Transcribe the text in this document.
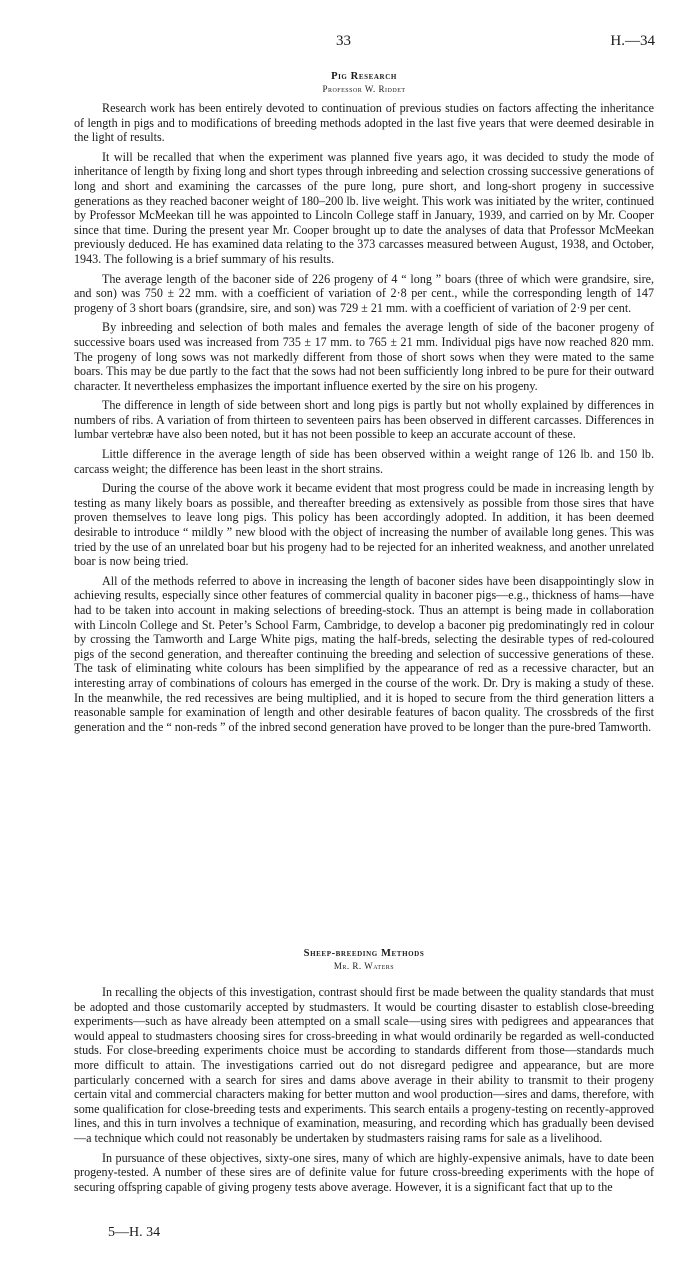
33	H.—34
Pig Research
Professor W. Riddet

Research work has been entirely devoted to continuation of previous studies on factors affecting the inheritance of length in pigs and to modifications of breeding methods adopted in the last five years that were deemed desirable in the light of results.

It will be recalled that when the experiment was planned five years ago, it was decided to study the mode of inheritance of length by fixing long and short types through inbreeding and selection crossing successive generations of long and short and examining the carcasses of the pure long, pure short, and long-short progeny in successive generations as they reached baconer weight of 180–200 lb. live weight. This work was initiated by the writer, continued by Professor McMeekan till he was appointed to Lincoln College staff in January, 1939, and carried on by Mr. Cooper since that time. During the present year Mr. Cooper brought up to date the analyses of data that Professor McMeekan previously deduced. He has examined data relating to the 373 carcasses measured between August, 1938, and October, 1943. The following is a brief summary of his results.

The average length of the baconer side of 226 progeny of 4 “ long ” boars (three of which were grandsire, sire, and son) was 750 ± 22 mm. with a coefficient of variation of 2·8 per cent., while the corresponding length of 147 progeny of 3 short boars (grandsire, sire, and son) was 729 ± 21 mm. with a coefficient of variation of 2·9 per cent.

By inbreeding and selection of both males and females the average length of side of the baconer progeny of successive boars used was increased from 735 ± 17 mm. to 765 ± 21 mm. Individual pigs have now reached 820 mm. The progeny of long sows was not markedly different from those of short sows when they were mated to the same boars. This may be due partly to the fact that the sows had not been sufficiently long inbred to be pure for their outward character. It nevertheless emphasizes the important influence exerted by the sire on his progeny.

The difference in length of side between short and long pigs is partly but not wholly explained by differences in numbers of ribs. A variation of from thirteen to seventeen pairs has been observed in different carcasses. Differences in lumbar vertebræ have also been noted, but it has not been possible to keep an accurate account of these.

Little difference in the average length of side has been observed within a weight range of 126 lb. and 150 lb. carcass weight; the difference has been least in the short strains.

During the course of the above work it became evident that most progress could be made in increasing length by testing as many likely boars as possible, and thereafter breeding as extensively as possible from those sires that have proven themselves to leave long pigs. This policy has been accordingly adopted. In addition, it has been deemed desirable to introduce “ mildly ” new blood with the object of increasing the number of available long genes. This was tried by the use of an unrelated boar but his progeny had to be rejected for an inherited weakness, and another unrelated boar is now being tried.

All of the methods referred to above in increasing the length of baconer sides have been disappointingly slow in achieving results, especially since other features of commercial quality in baconer pigs—e.g., thickness of hams—have had to be taken into account in making selections of breeding-stock. Thus an attempt is being made in collaboration with Lincoln College and St. Peter’s School Farm, Cambridge, to develop a baconer pig predominatingly red in colour by crossing the Tamworth and Large White pigs, mating the half-breds, selecting the desirable types of red-coloured pigs of the second generation, and thereafter continuing the breeding and selection of successive generations of these. The task of eliminating white colours has been simplified by the appearance of red as a recessive character, but an interesting array of combinations of colours has emerged in the course of the work. Dr. Dry is making a study of these. In the meanwhile, the red recessives are being multiplied, and it is hoped to secure from the third generation litters a reasonable sample for examination of length and other desirable features of bacon quality. The crossbreds of the first generation and the “ non-reds ” of the inbred second generation have proved to be longer than the pure-bred Tamworth.

Sheep-breeding Methods
Mr. R. Waters

In recalling the objects of this investigation, contrast should first be made between the quality standards that must be adopted and those customarily accepted by studmasters. It would be courting disaster to establish close-breeding experiments—such as have already been attempted on a small scale—using sires with pedigrees and appearances that would appeal to studmasters choosing sires for cross-breeding in what would ordinarily be regarded as well-conducted studs. For close-breeding experiments choice must be according to standards different from those—standards much more difficult to attain. The investigations carried out do not disregard pedigree and appearance, but are more particularly concerned with a search for sires and dams above average in their ability to transmit to their progeny certain vital and commercial characters making for better mutton and wool production—sires and dams, therefore, with some qualification for close-breeding tests and experiments. This search entails a progeny-testing on recently-approved lines, and this in turn involves a technique of examination, measuring, and recording which has gradually been devised—a technique which could not reasonably be undertaken by studmasters raising rams for sale as a livelihood.

In pursuance of these objectives, sixty-one sires, many of which are highly-expensive animals, have to date been progeny-tested. A number of these sires are of definite value for future cross-breeding experiments with the hope of securing offspring capable of giving progeny tests above average. However, it is a significant fact that up to the

5—H. 34
